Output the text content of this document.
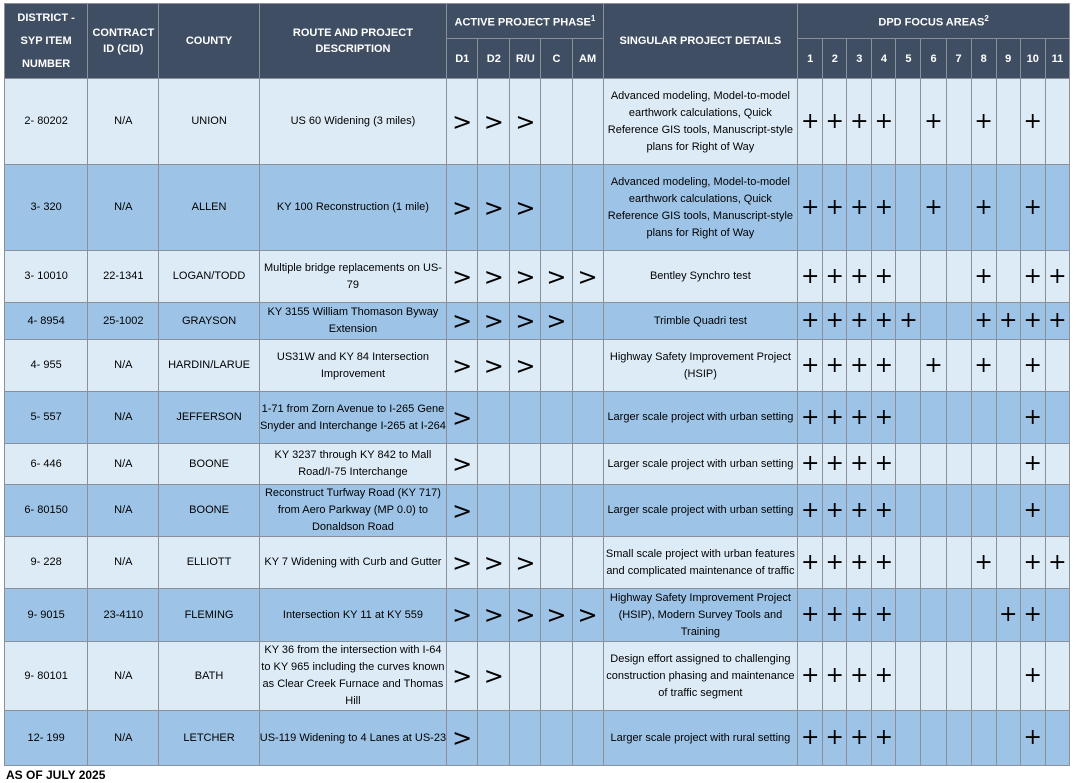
DISTRICT -
SYP ITEM
NUMBER	CONTRACT ID (CID)	COUNTY	ROUTE AND PROJECT DESCRIPTION	ACTIVE PROJECT PHASE$^1$					SINGULAR PROJECT DETAILS	DPD FOCUS AREAS$^2$
				D1	D2	R/U	C	AM		1	2	3	4	5	6	7	8	9	10	11
2- 80202	N/A	UNION	US 60 Widening (3 miles)	>	>	>			Advanced modeling, Model-to-model earthwork calculations, Quick Reference GIS tools, Manuscript-style plans for Right of Way	+	+	+	+		+		+		+	
3- 320	N/A	ALLEN	KY 100 Reconstruction (1 mile)	>	>	>			Advanced modeling, Model-to-model earthwork calculations, Quick Reference GIS tools, Manuscript-style plans for Right of Way	+	+	+	+		+		+		+	
3- 10010	22-1341	LOGAN/TODD	Multiple bridge replacements on US-79	>	>	>	>	>	Bentley Synchro test	+	+	+	+				+		+	+
4- 8954	25-1002	GRAYSON	KY 3155 William Thomason Byway Extension	>	>	>	>		Trimble Quadri test	+	+	+	+	+			+	+	+	+
4- 955	N/A	HARDIN/LARUE	US31W and KY 84 Intersection Improvement	>	>	>			Highway Safety Improvement Project (HSIP)	+	+	+	+		+		+		+	
5- 557	N/A	JEFFERSON	1-71 from Zorn Avenue to I-265 Gene Snyder and Interchange I-265 at I-264	>					Larger scale project with urban setting	+	+	+	+						+	
6- 446	N/A	BOONE	KY 3237 through KY 842 to Mall Road/I-75 Interchange	>					Larger scale project with urban setting	+	+	+	+						+	
6- 80150	N/A	BOONE	Reconstruct Turfway Road (KY 717) from Aero Parkway (MP 0.0) to Donaldson Road	>					Larger scale project with urban setting	+	+	+	+						+	
9- 228	N/A	ELLIOTT	KY 7 Widening with Curb and Gutter	>	>	>			Small scale project with urban features and complicated maintenance of traffic	+	+	+	+				+		+	+
9- 9015	23-4110	FLEMING	Intersection KY 11 at KY 559	>	>	>	>	>	Highway Safety Improvement Project (HSIP), Modern Survey Tools and Training	+	+	+	+					+	+	
9- 80101	N/A	BATH	KY 36 from the intersection with I-64 to KY 965 including the curves known as Clear Creek Furnace and Thomas Hill	>	>				Design effort assigned to challenging construction phasing and maintenance of traffic segment	+	+	+	+						+	
12- 199	N/A	LETCHER	US-119 Widening to 4 Lanes at US-23	>					Larger scale project with rural setting	+	+	+	+						+	
AS OF JULY 2025
